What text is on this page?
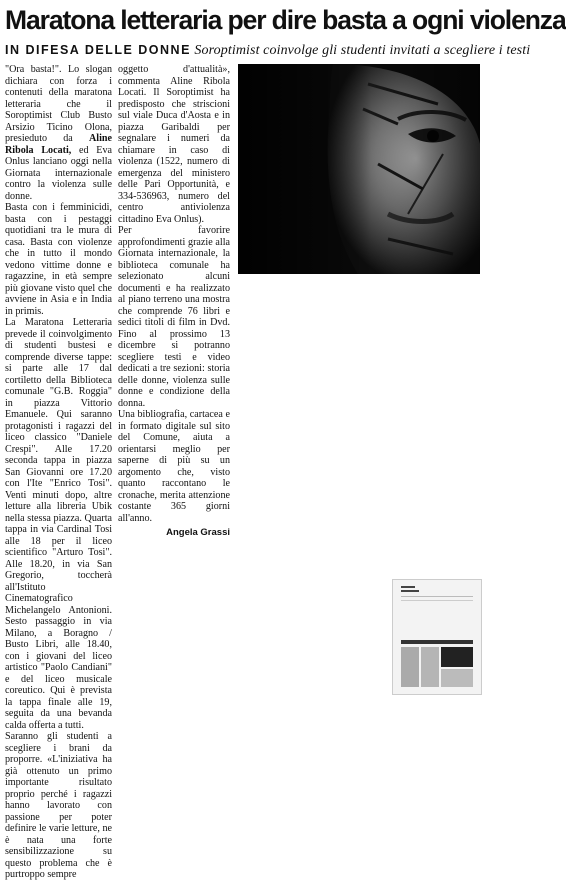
Maratona letteraria per dire basta a ogni violenza
IN DIFESA DELLE DONNE Soroptimist coinvolge gli studenti invitati a scegliere i testi

"Ora basta!". Lo slogan dichiara con forza i contenuti della maratona letteraria che il Soroptimist Club Busto Arsizio Ticino Olona, presieduto da Aline Ribola Locati, ed Eva Onlus lanciano oggi nella Giornata internazionale contro la violenza sulle donne.

Basta con i femminicidi, basta con i pestaggi quotidiani tra le mura di casa. Basta con violenze che in tutto il mondo vedono vittime donne e ragazzine, in età sempre più giovane visto quel che avviene in Asia e in India in primis.

La Maratona Letteraria prevede il coinvolgimento di studenti bustesi e comprende diverse tappe: si parte alle 17 dal cortiletto della Biblioteca comunale "G.B. Roggia" in piazza Vittorio Emanuele. Qui saranno protagonisti i ragazzi del liceo classico "Daniele Crespi". Alle 17.20 seconda tappa in piazza San Giovanni ore 17.20 con l'Ite "Enrico Tosi". Venti minuti dopo, altre letture alla libreria Ubik nella stessa piazza. Quarta tappa in via Cardinal Tosi alle 18 per il liceo scientifico "Arturo Tosi". Alle 18.20, in via San Gregorio, toccherà all'Istituto Cinematografico Michelangelo Antonioni. Sesto passaggio in via Milano, a Boragno / Busto Libri, alle 18.40, con i giovani del liceo artistico "Paolo Candiani" e del liceo musicale coreutico. Qui è prevista la tappa finale alle 19, seguita da una bevanda calda offerta a tutti.

Saranno gli studenti a scegliere i brani da proporre. «L'iniziativa ha già ottenuto un primo importante risultato proprio perché i ragazzi hanno lavorato con passione per poter definire le varie letture, ne è nata una forte sensibilizzazione su questo problema che è purtroppo sempre

oggetto d'attualità», commenta Aline Ribola Locati. Il Soroptimist ha predisposto che striscioni sul viale Duca d'Aosta e in piazza Garibaldi per segnalare i numeri da chiamare in caso di violenza (1522, numero di emergenza del ministero delle Pari Opportunità, e 334-536963, numero del centro antiviolenza cittadino Eva Onlus).

Per favorire approfondimenti grazie alla Giornata internazionale, la biblioteca comunale ha selezionato alcuni documenti e ha realizzato al piano terreno una mostra che comprende 76 libri e sedici titoli di film in Dvd. Fino al prossimo 13 dicembre si potranno scegliere testi e video dedicati a tre sezioni: storia delle donne, violenza sulle donne e condizione della donna.

Una bibliografia, cartacea e in formato digitale sul sito del Comune, aiuta a orientarsi meglio per saperne di più su un argomento che, visto quanto raccontano le cronache, merita attenzione costante 365 giorni all'anno.

Angela Grassi
